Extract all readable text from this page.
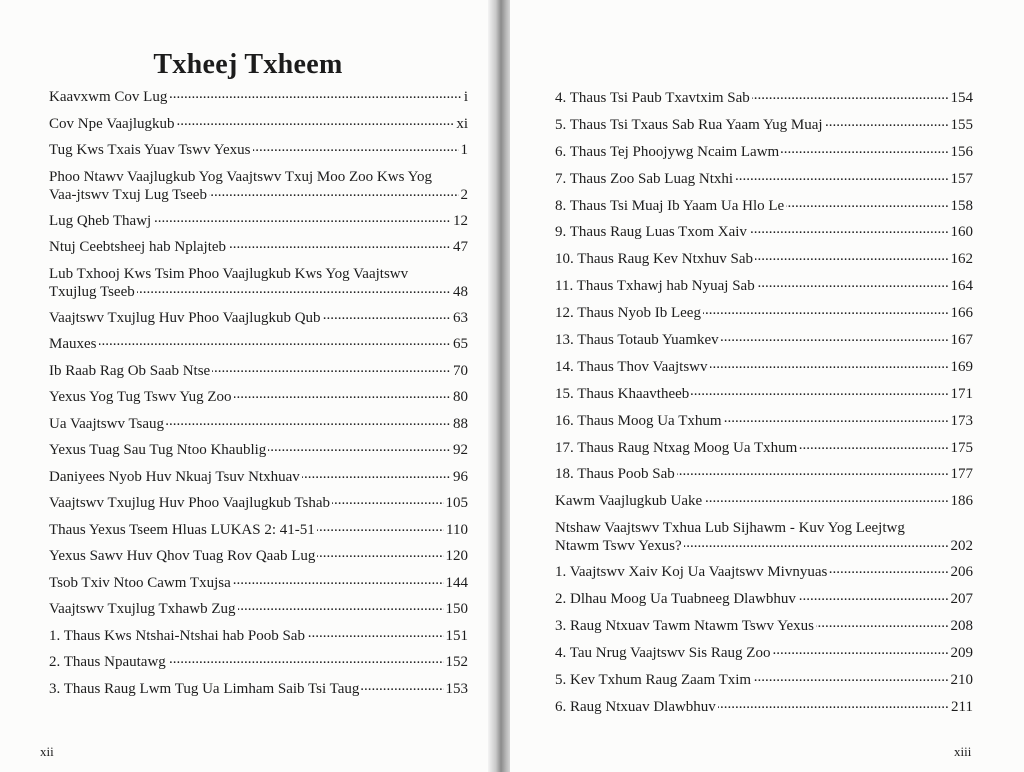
Txheej Txheem
Kaavxwm Cov Lug .....	i
Cov Npe Vaajlugkub .....	xi
Tug Kws Txais Yuav Tswv Yexus .....	1
Phoo Ntawv Vaajlugkub Yog Vaajtswv Txuj Moo Zoo Kws Yog Vaa-jtswv Txuj Lug Tseeb .....	2
Lug Qheb Thawj .....	12
Ntuj Ceebtsheej hab Nplajteb .....	47
Lub Txhooj Kws Tsim Phoo Vaajlugkub Kws Yog Vaajtswv Txujlug Tseeb .....	48
Vaajtswv Txujlug Huv Phoo Vaajlugkub Qub .....	63
Mauxes .....	65
Ib Raab Rag Ob Saab Ntse .....	70
Yexus Yog Tug Tswv Yug Zoo .....	80
Ua Vaajtswv Tsaug .....	88
Yexus Tuag Sau Tug Ntoo Khaublig .....	92
Daniyees Nyob Huv Nkuaj Tsuv Ntxhuav .....	96
Vaajtswv Txujlug Huv Phoo Vaajlugkub Tshab .....	105
Thaus Yexus Tseem Hluas LUKAS 2: 41-51 .....	110
Yexus Sawv Huv Qhov Tuag Rov Qaab Lug .....	120
Tsob Txiv Ntoo Cawm Txujsa .....	144
Vaajtswv Txujlug Txhawb Zug .....	150
1. Thaus Kws Ntshai-Ntshai hab Poob Sab .....	151
2. Thaus Npautawg .....	152
3. Thaus Raug Lwm Tug Ua Limham Saib Tsi Taug .....	153
xii
4. Thaus Tsi Paub Txavtxim Sab .....	154
5. Thaus Tsi Txaus Sab Rua Yaam Yug Muaj .....	155
6. Thaus Tej Phoojywg Ncaim Lawm .....	156
7. Thaus Zoo Sab Luag Ntxhi .....	157
8. Thaus Tsi Muaj Ib Yaam Ua Hlo Le .....	158
9. Thaus Raug Luas Txom Xaiv .....	160
10. Thaus Raug Kev Ntxhuv Sab .....	162
11. Thaus Txhawj hab Nyuaj Sab .....	164
12. Thaus Nyob Ib Leeg .....	166
13. Thaus Totaub Yuamkev .....	167
14. Thaus Thov Vaajtswv .....	169
15. Thaus Khaavtheeb .....	171
16. Thaus Moog Ua Txhum .....	173
17. Thaus Raug Ntxag Moog Ua Txhum .....	175
18. Thaus Poob Sab .....	177
Kawm Vaajlugkub Uake .....	186
Ntshaw Vaajtswv Txhua Lub Sijhawm - Kuv Yog Leejtwg Ntawm Tswv Yexus? .....	202
1. Vaajtswv Xaiv Koj Ua Vaajtswv Mivnyuas .....	206
2. Dlhau Moog Ua Tuabneeg Dlawbhuv .....	207
3. Raug Ntxuav Tawm Ntawm Tswv Yexus .....	208
4. Tau Nrug Vaajtswv Sis Raug Zoo .....	209
5. Kev Txhum Raug Zaam Txim .....	210
6. Raug Ntxuav Dlawbhuv .....	211
xiii
